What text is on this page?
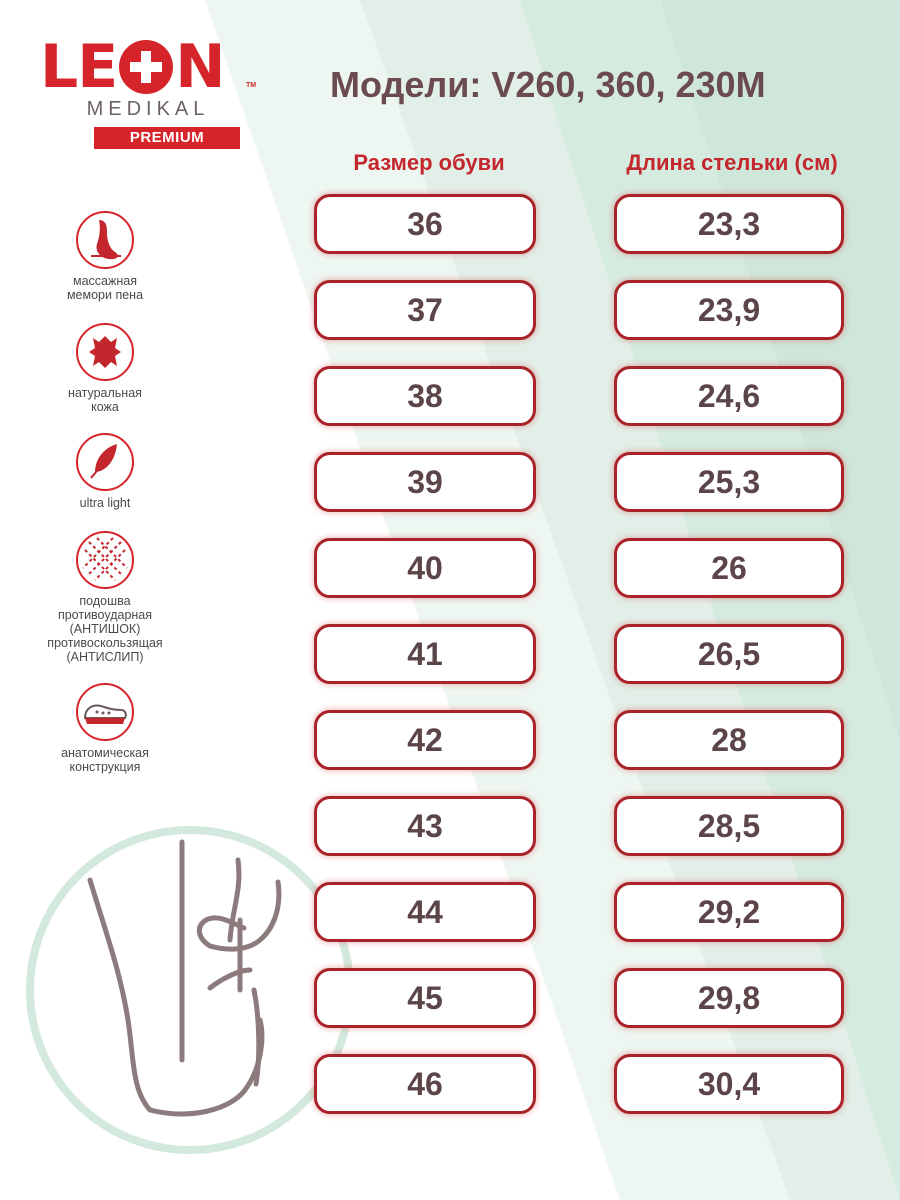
LE N	TM
MEDIKAL
PREMIUM
Модели: V260, 360, 230M
Размер обуви	Длина стельки (см)
36
37
38
39
40
41
42
43
44
45
46
23,3
23,9
24,6
25,3
26
26,5
28
28,5
29,2
29,8
30,4
массажная
мемори пена
натуральная
кожа
ultra light
подошва
противоударная
(АНТИШОК)
противоскользящая
(АНТИСЛИП)
анатомическая
конструкция
